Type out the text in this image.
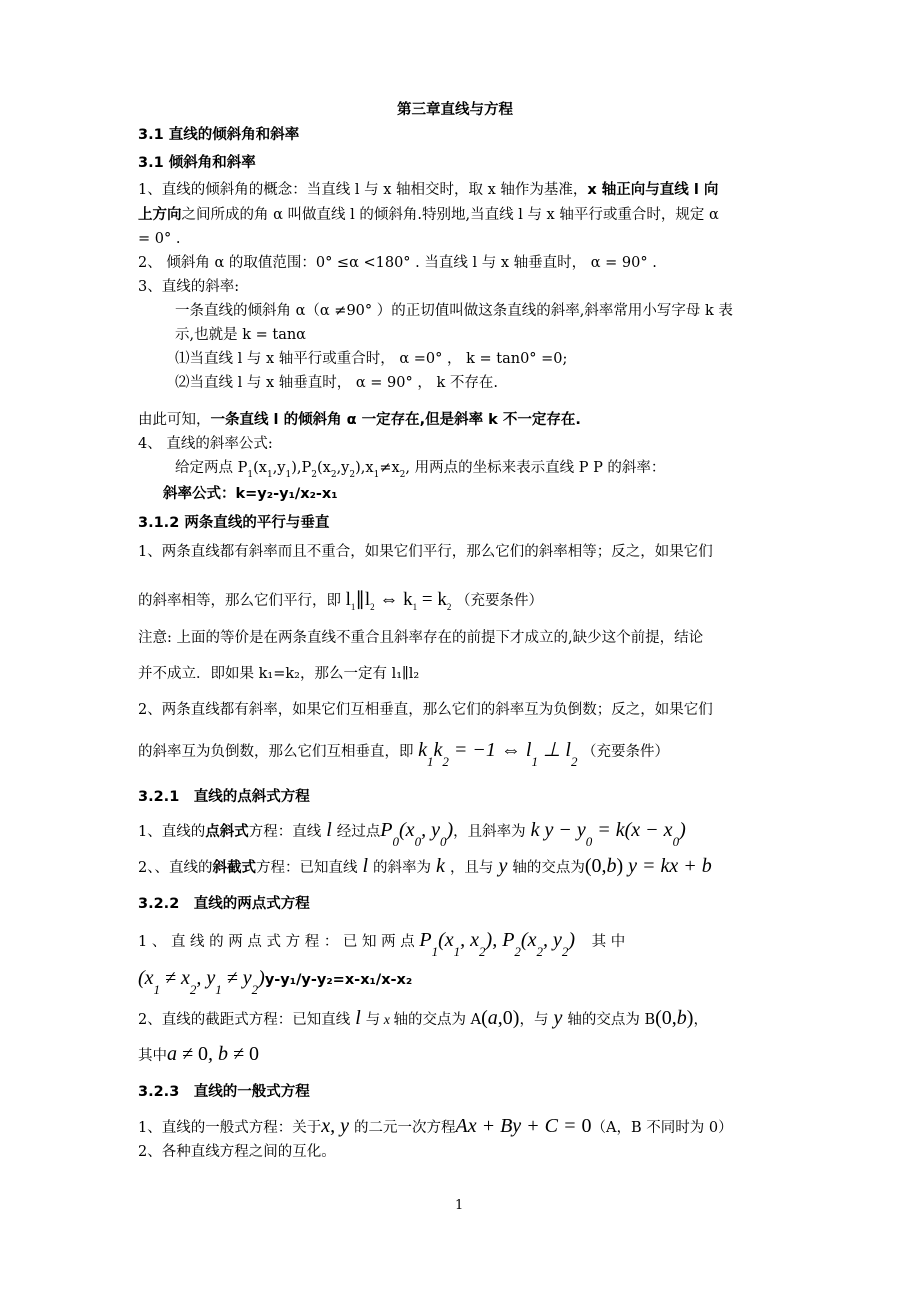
第三章直线与方程
3.1 直线的倾斜角和斜率
3.1 倾斜角和斜率
1、直线的倾斜角的概念：当直线 l 与 x 轴相交时，取 x 轴作为基准，x 轴正向与直线 l 向
上方向之间所成的角 α 叫做直线 l 的倾斜角.特别地,当直线 l 与 x 轴平行或重合时，规定 α
= 0° .
2、 倾斜角 α 的取值范围：0° ≤α <180° . 当直线 l 与 x 轴垂直时， α = 90° .
3、直线的斜率:
一条直线的倾斜角 α（α ≠90° ）的正切值叫做这条直线的斜率,斜率常用小写字母 k 表
示,也就是 k = tanα
⑴当直线 l 与 x 轴平行或重合时， α =0° ， k = tan0° =0;
⑵当直线 l 与 x 轴垂直时， α = 90° ， k 不存在.
由此可知，一条直线 l 的倾斜角 α 一定存在,但是斜率 k 不一定存在.
4、 直线的斜率公式:
给定两点 $P_1(x_1,y_1),P_2(x_2,y_2),x_1\ne x_2$, 用两点的坐标来表示直线 P P 的斜率：
斜率公式：k=y₂-y₁/x₂-x₁
3.1.2 两条直线的平行与垂直
1、两条直线都有斜率而且不重合，如果它们平行，那么它们的斜率相等；反之，如果它们
的斜率相等，那么它们平行，即 $l_1\parallel l_2$ ⇔ $k_1 = k_2$ （充要条件）
注意: 上面的等价是在两条直线不重合且斜率存在的前提下才成立的,缺少这个前提，结论
并不成立．即如果 k₁=k₂，那么一定有 l₁∥l₂
2、两条直线都有斜率，如果它们互相垂直，那么它们的斜率互为负倒数；反之，如果它们
的斜率互为负倒数，那么它们互相垂直，即 $k_1k_2 = -1$ ⇔ $l_1$ ⊥ $l_2$ （充要条件）
3.2.1　直线的点斜式方程
1、直线的点斜式方程：直线 l 经过点$P_0(x_0$, $y_0$)，且斜率为 k $y - y_0 = k(x - x_0)$
2、、直线的斜截式方程：已知直线 l 的斜率为 k ，且与 y 轴的交点为(0,b) y = kx + b
3.2.2　直线的两点式方程
1 、 直 线 的 两 点 式 方 程 ： 已 知 两 点 $P_1(x_1$, $x_2$), $P_2(x_2$, $y_2$) 其 中
($x_1 \ne x_2$, $y_1 \ne y_2)y-y_1/y-y_2=x-x_1/x-x_2$
2、直线的截距式方程：已知直线 l 与 x 轴的交点为 A(a,0)，与 y 轴的交点为 B(0,b)，
其中a ≠ 0, b ≠ 0
3.2.3　直线的一般式方程
1、直线的一般式方程：关于x, y 的二元一次方程Ax + By + C = 0（A，B 不同时为 0）
2、各种直线方程之间的互化。
1
